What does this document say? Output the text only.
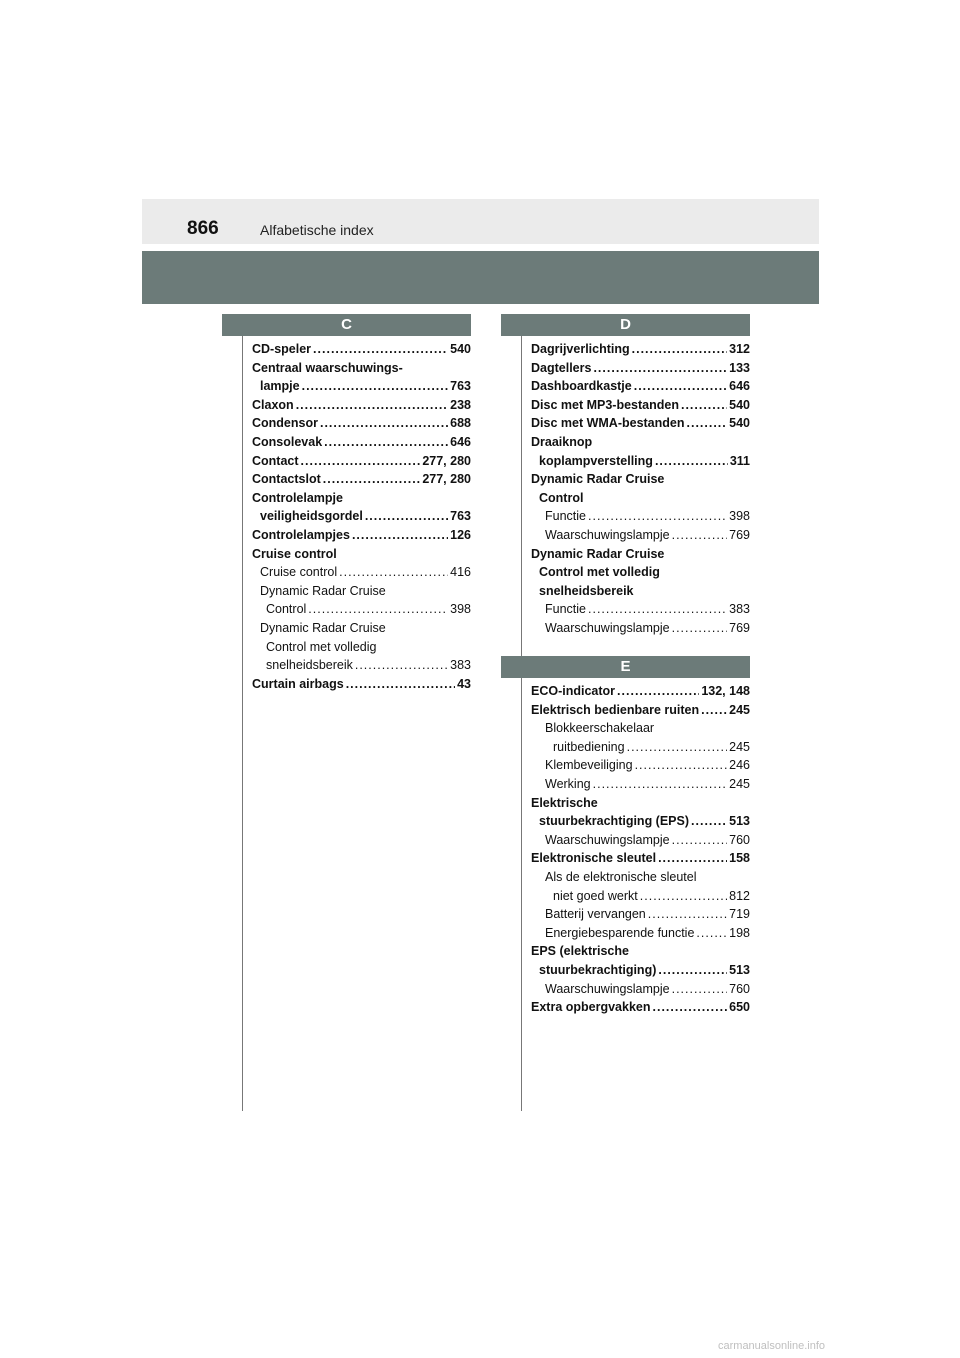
866	Alfabetische index
C
CD-speler .....	540
Centraal waarschuwings-
lampje .....	763
Claxon .....	238
Condensor .....	688
Consolevak .....	646
Contact .....	277, 280
Contactslot .....	277, 280
Controlelampje
veiligheidsgordel .....	763
Controlelampjes .....	126
Cruise control
Cruise control .....	416
Dynamic Radar Cruise
Control .....	398
Dynamic Radar Cruise
Control met volledig
snelheidsbereik .....	383
Curtain airbags .....	43
D
Dagrijverlichting .....	312
Dagtellers .....	133
Dashboardkastje .....	646
Disc met MP3-bestanden .....	540
Disc met WMA-bestanden .....	540
Draaiknop
koplampverstelling .....	311
Dynamic Radar Cruise
Control
Functie .....	398
Waarschuwingslampje .....	769
Dynamic Radar Cruise
Control met volledig
snelheidsbereik
Functie .....	383
Waarschuwingslampje .....	769
E
ECO-indicator .....	132, 148
Elektrisch bedienbare ruiten ..... 245
Blokkeerschakelaar
ruitbediening .....	245
Klembeveiliging .....	246
Werking .....	245
Elektrische
stuurbekrachtiging (EPS) .....	513
Waarschuwingslampje .....	760
Elektronische sleutel .....	158
Als de elektronische sleutel
niet goed werkt .....	812
Batterij vervangen .....	719
Energiebesparende functie .....	198
EPS (elektrische
stuurbekrachtiging) .....	513
Waarschuwingslampje .....	760
Extra opbergvakken .....	650
carmanualsonline.info
